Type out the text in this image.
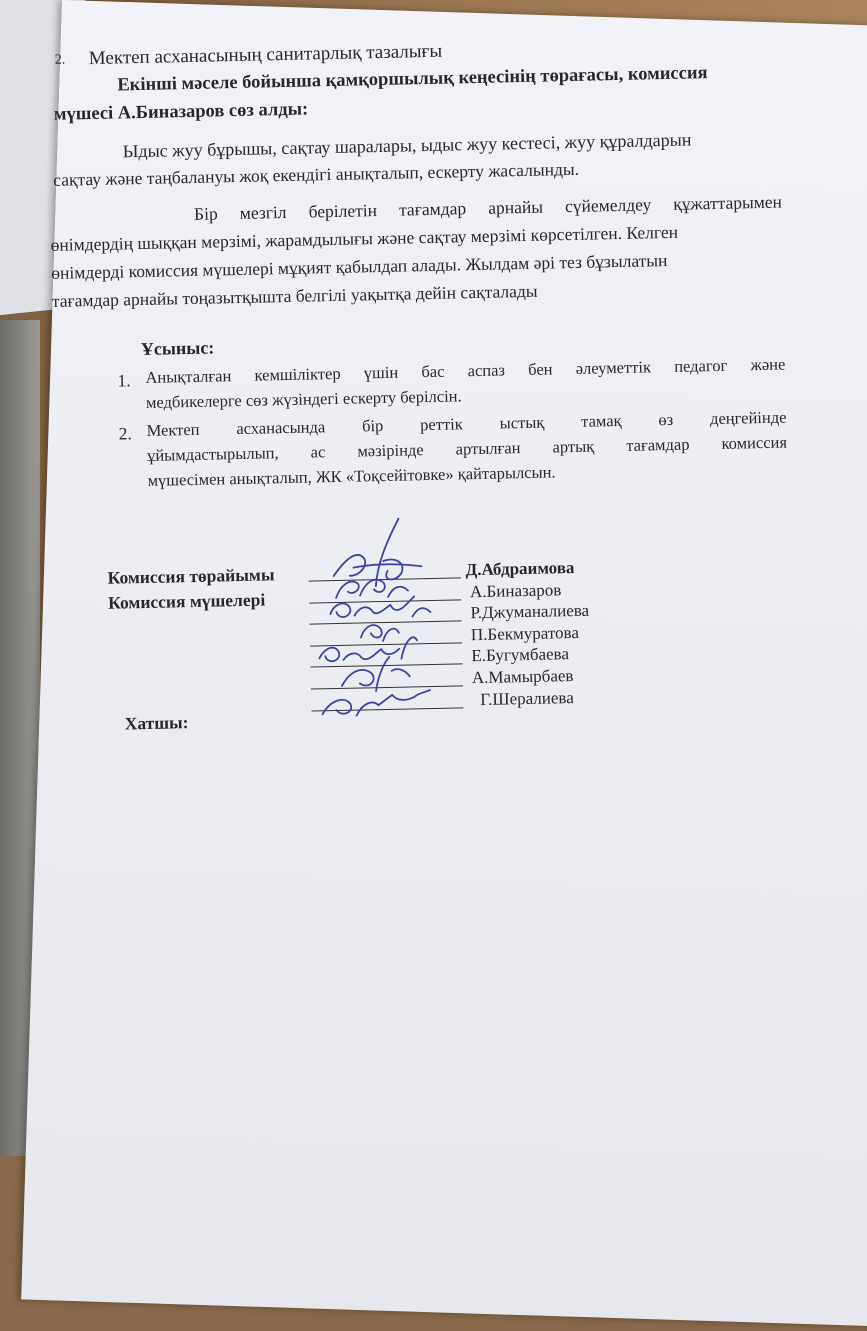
2. Мектеп асханасының санитарлық тазалығы
Екінші мәселе бойынша қамқоршылық кеңесінің төрағасы, комиссия
мүшесі А.Биназаров сөз алды:
Ыдыс жуу бұрышы, сақтау шаралары, ыдыс жуу кестесі, жуу құралдарын
сақтау және таңбалануы жоқ екендігі анықталып, ескерту жасалынды.
Бір мезгіл берілетін тағамдар арнайы сүйемелдеу құжаттарымен
өнімдердің шыққан мерзімі, жарамдылығы және сақтау мерзімі көрсетілген. Келген
өнімдерді комиссия мүшелері мұқият қабылдап алады. Жылдам әрі тез бұзылатын
тағамдар арнайы тоңазытқышта белгілі уақытқа дейін сақталады
Ұсыныс:
1. Анықталған кемшіліктер үшін бас аспаз бен әлеуметтік педагог және
медбикелерге сөз жүзіндегі ескерту берілсін.
2. Мектеп асханасында бір реттік ыстық тамақ өз деңгейінде
ұйымдастырылып, ас мәзірінде артылған артық тағамдар комиссия
мүшесімен анықталып, ЖК «Тоқсейітовке» қайтарылсын.
Комиссия төрайымы	Д.Абдраимова
Комиссия мүшелері	А.Биназаров
Р.Джуманалиева
П.Бекмуратова
Е.Бугумбаева
А.Мамырбаев
Хатшы:
Г.Шералиева
